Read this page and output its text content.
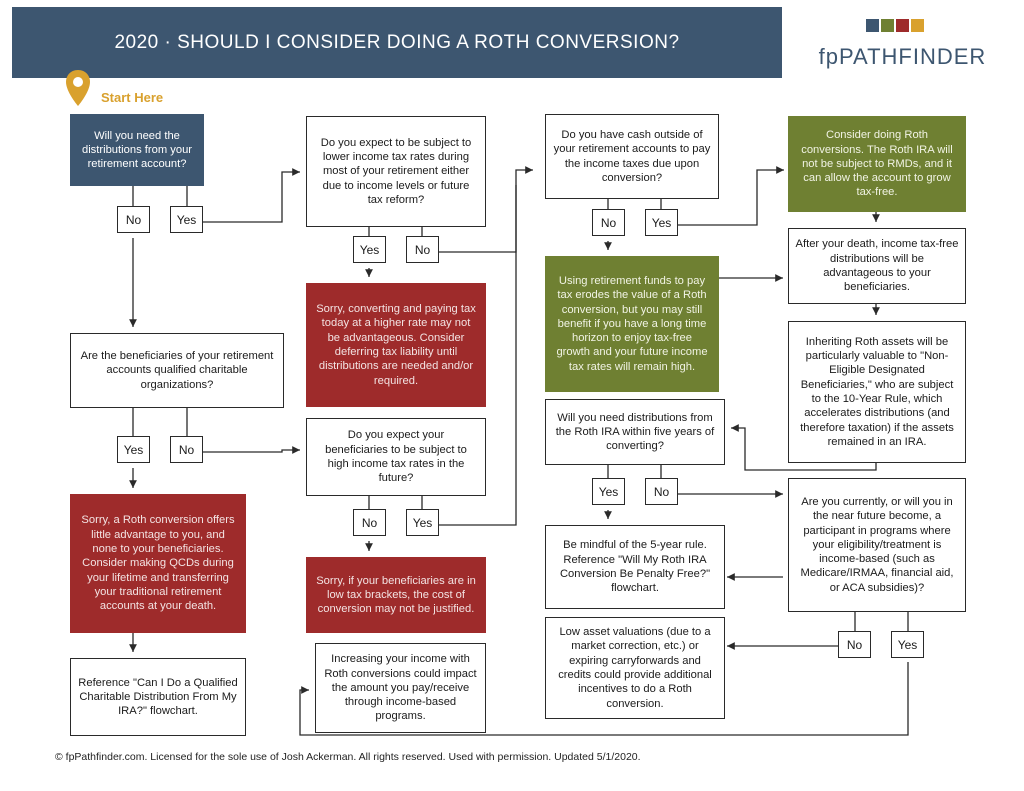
2020 · SHOULD I CONSIDER DOING A ROTH CONVERSION?
fpPATHFINDER
Start Here
Will you need the distributions from your retirement account?
No	Yes
Are the beneficiaries of your retirement accounts qualified charitable organizations?
Yes	No
Sorry, a Roth conversion offers little advantage to you, and none to your beneficiaries. Consider making QCDs during your lifetime and transferring your traditional retirement accounts at your death.
Reference "Can I Do a Qualified Charitable Distribution From My IRA?" flowchart.
Do you expect to be subject to lower income tax rates during most of your retirement either due to income levels or future tax reform?
Yes	No
Sorry, converting and paying tax today at a higher rate may not be advantageous. Consider deferring tax liability until distributions are needed and/or required.
Do you expect your beneficiaries to be subject to high income tax rates in the future?
No	Yes
Sorry, if your beneficiaries are in low tax brackets, the cost of conversion may not be justified.
Increasing your income with Roth conversions could impact the amount you pay/receive through income-based programs.
Do you have cash outside of your retirement accounts to pay the income taxes due upon conversion?
No	Yes
Using retirement funds to pay tax erodes the value of a Roth conversion, but you may still benefit if you have a long time horizon to enjoy tax-free growth and your future income tax rates will remain high.
Will you need distributions from the Roth IRA within five years of converting?
Yes	No
Be mindful of the 5-year rule. Reference "Will My Roth IRA Conversion Be Penalty Free?" flowchart.
Low asset valuations (due to a market correction, etc.) or expiring carryforwards and credits could provide additional incentives to do a Roth conversion.
Consider doing Roth conversions. The Roth IRA will not be subject to RMDs, and it can allow the account to grow tax-free.
After your death, income tax-free distributions will be advantageous to your beneficiaries.
Inheriting Roth assets will be particularly valuable to "Non-Eligible Designated Beneficiaries," who are subject to the 10-Year Rule, which accelerates distributions (and therefore taxation) if the assets remained in an IRA.
Are you currently, or will you in the near future become, a participant in programs where your eligibility/treatment is income-based (such as Medicare/IRMAA, financial aid, or ACA subsidies)?
No	Yes
© fpPathfinder.com. Licensed for the sole use of Josh Ackerman. All rights reserved. Used with permission. Updated 5/1/2020.
